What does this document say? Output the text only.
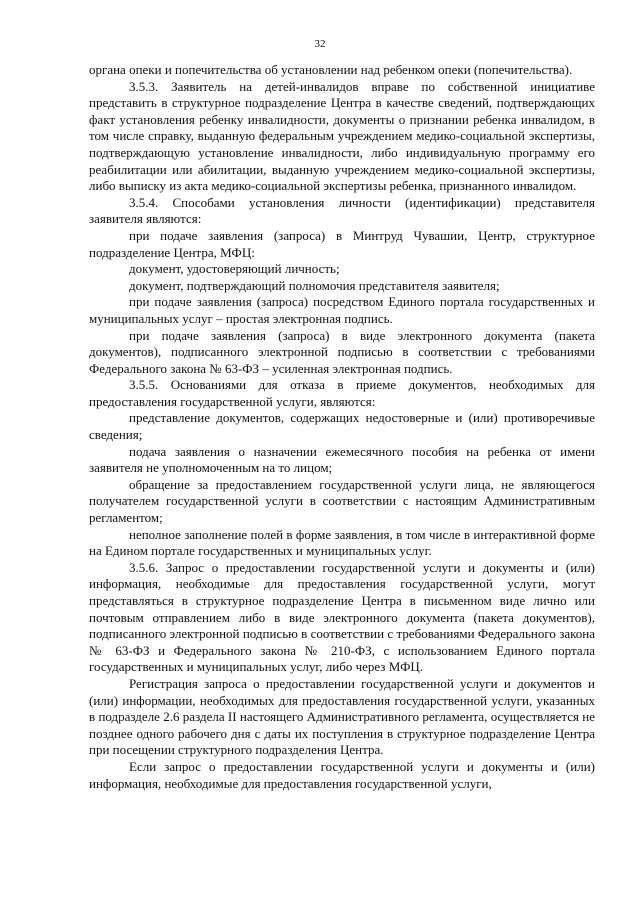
32

органа опеки и попечительства об установлении над ребенком опеки (попечительства).

3.5.3. Заявитель на детей-инвалидов вправе по собственной инициативе представить в структурное подразделение Центра в качестве сведений, подтверждающих факт установления ребенку инвалидности, документы о признании ребенка инвалидом, в том числе справку, выданную федеральным учреждением медико-социальной экспертизы, подтверждающую установление инвалидности, либо индивидуальную программу его реабилитации или абилитации, выданную учреждением медико-социальной экспертизы, либо выписку из акта медико-социальной экспертизы ребенка, признанного инвалидом.

3.5.4. Способами установления личности (идентификации) представителя заявителя являются:

при подаче заявления (запроса) в Минтруд Чувашии, Центр, структурное подразделение Центра, МФЦ:

документ, удостоверяющий личность;

документ, подтверждающий полномочия представителя заявителя;

при подаче заявления (запроса) посредством Единого портала государственных и муниципальных услуг – простая электронная подпись.

при подаче заявления (запроса) в виде электронного документа (пакета документов), подписанного электронной подписью в соответствии с требованиями Федерального закона № 63-ФЗ – усиленная электронная подпись.

3.5.5. Основаниями для отказа в приеме документов, необходимых для предоставления государственной услуги, являются:

представление документов, содержащих недостоверные и (или) противоречивые сведения;

подача заявления о назначении ежемесячного пособия на ребенка от имени заявителя не уполномоченным на то лицом;

обращение за предоставлением государственной услуги лица, не являющегося получателем государственной услуги в соответствии с настоящим Административным регламентом;

неполное заполнение полей в форме заявления, в том числе в интерактивной форме на Едином портале государственных и муниципальных услуг.

3.5.6. Запрос о предоставлении государственной услуги и документы и (или) информация, необходимые для предоставления государственной услуги, могут представляться в структурное подразделение Центра в письменном виде лично или почтовым отправлением либо в виде электронного документа (пакета документов), подписанного электронной подписью в соответствии с требованиями Федерального закона № 63-ФЗ и Федерального закона № 210-ФЗ, с использованием Единого портала государственных и муниципальных услуг, либо через МФЦ.

Регистрация запроса о предоставлении государственной услуги и документов и (или) информации, необходимых для предоставления государственной услуги, указанных в подразделе 2.6 раздела II настоящего Административного регламента, осуществляется не позднее одного рабочего дня с даты их поступления в структурное подразделение Центра при посещении структурного подразделения Центра.

Если запрос о предоставлении государственной услуги и документы и (или) информация, необходимые для предоставления государственной услуги,
